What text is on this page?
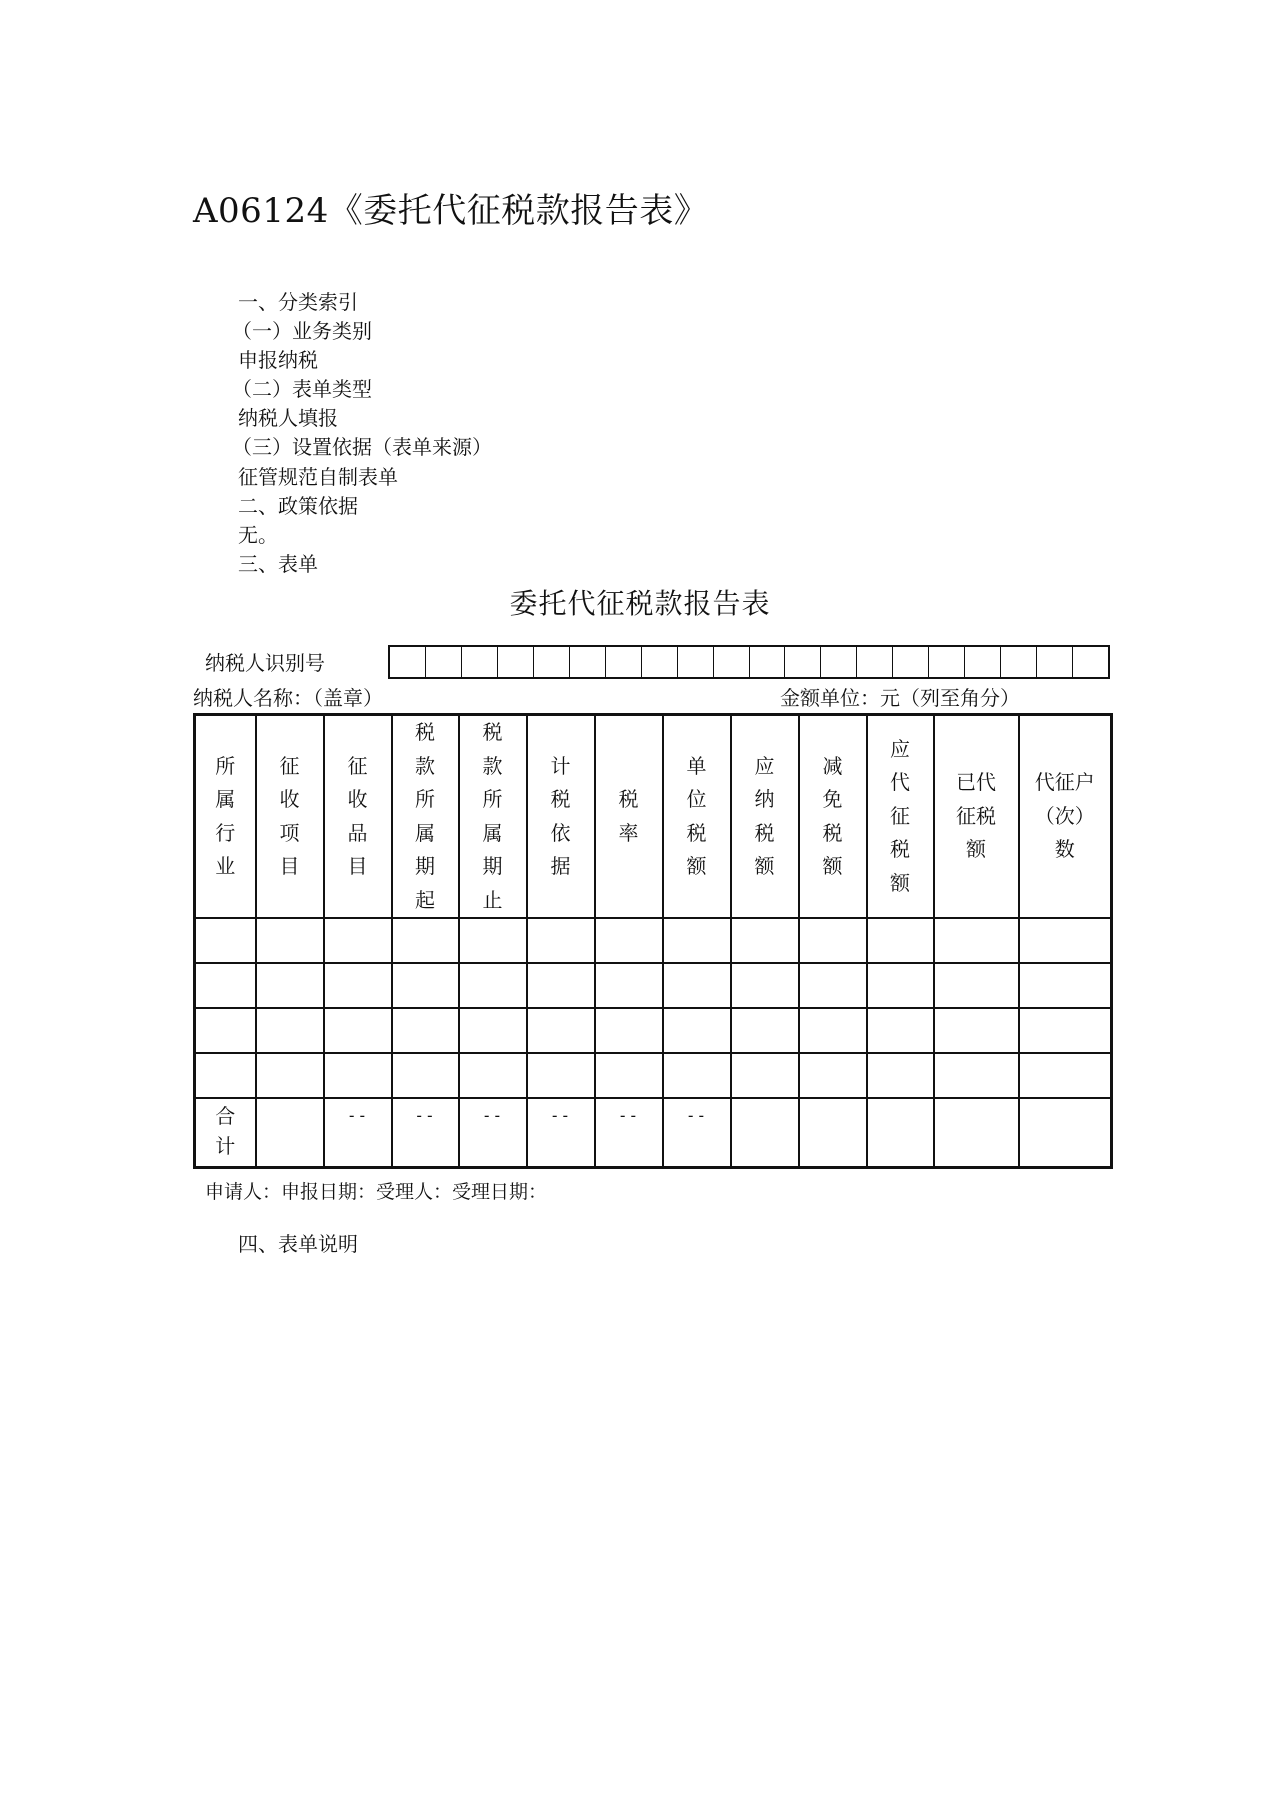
A06124《委托代征税款报告表》
一、分类索引
（一）业务类别
申报纳税
（二）表单类型
纳税人填报
（三）设置依据（表单来源）
征管规范自制表单
二、政策依据
无。
三、表单
委托代征税款报告表
纳税人识别号
纳税人名称：（盖章）	金额单位：元（列至角分）
所属行业	征收项目	征收品目	税款所属期起	税款所属期止	计税依据	税率	单位税额	应纳税额	减免税额	应代征税额	已代征税额	代征户（次）数

合计		--	--	--	--	--	--					
申请人：申报日期：受理人：受理日期：
四、表单说明
